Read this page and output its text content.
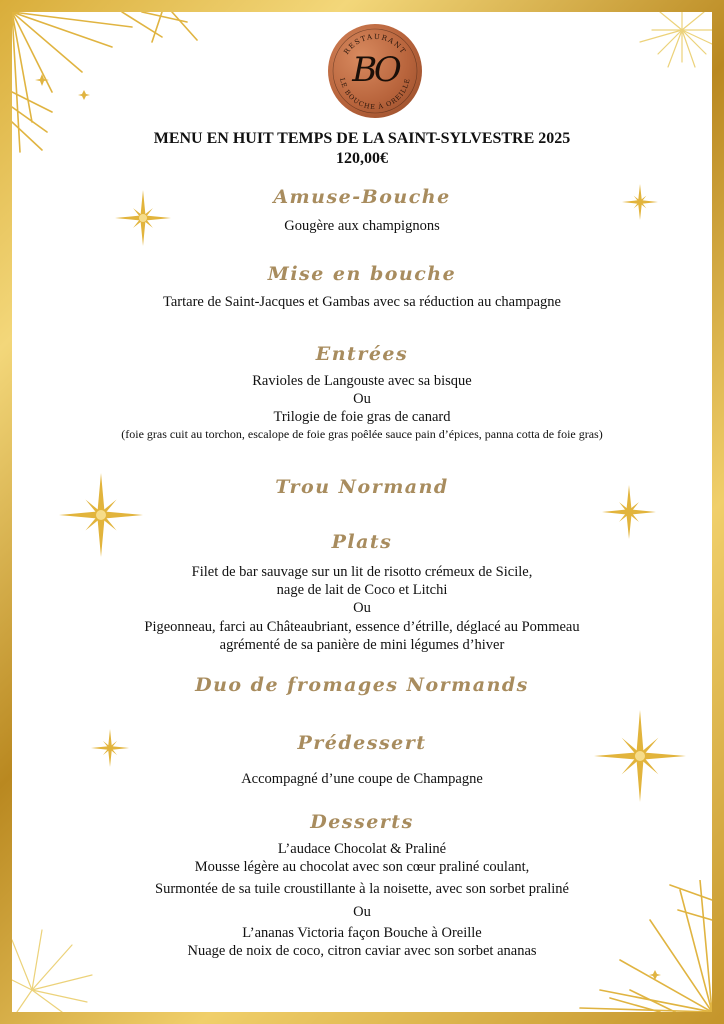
RESTAURANT
LE BOUCHE À OREILLE
BO
MENU EN HUIT TEMPS DE LA SAINT-SYLVESTRE 2025
120,00€
Amuse-Bouche
Gougère aux champignons
Mise en bouche
Tartare de Saint-Jacques et Gambas avec sa réduction au champagne
Entrées
Ravioles de Langouste avec sa bisque
Ou
Trilogie de foie gras de canard
(foie gras cuit au torchon, escalope de foie gras poêlée sauce pain d’épices, panna cotta de foie gras)
Trou Normand
Plats
Filet de bar sauvage sur un lit de risotto crémeux de Sicile,
nage de lait de Coco et Litchi
Ou
Pigeonneau, farci au Châteaubriant, essence d’étrille, déglacé au Pommeau
agrémenté de sa panière de mini légumes d’hiver
Duo de fromages Normands
Prédessert
Accompagné d’une coupe de Champagne
Desserts
L’audace Chocolat & Praliné
Mousse légère au chocolat avec son cœur praliné coulant,
Surmontée de sa tuile croustillante à la noisette, avec son sorbet praliné
Ou
L’ananas Victoria façon Bouche à Oreille
Nuage de noix de coco, citron caviar avec son sorbet ananas
